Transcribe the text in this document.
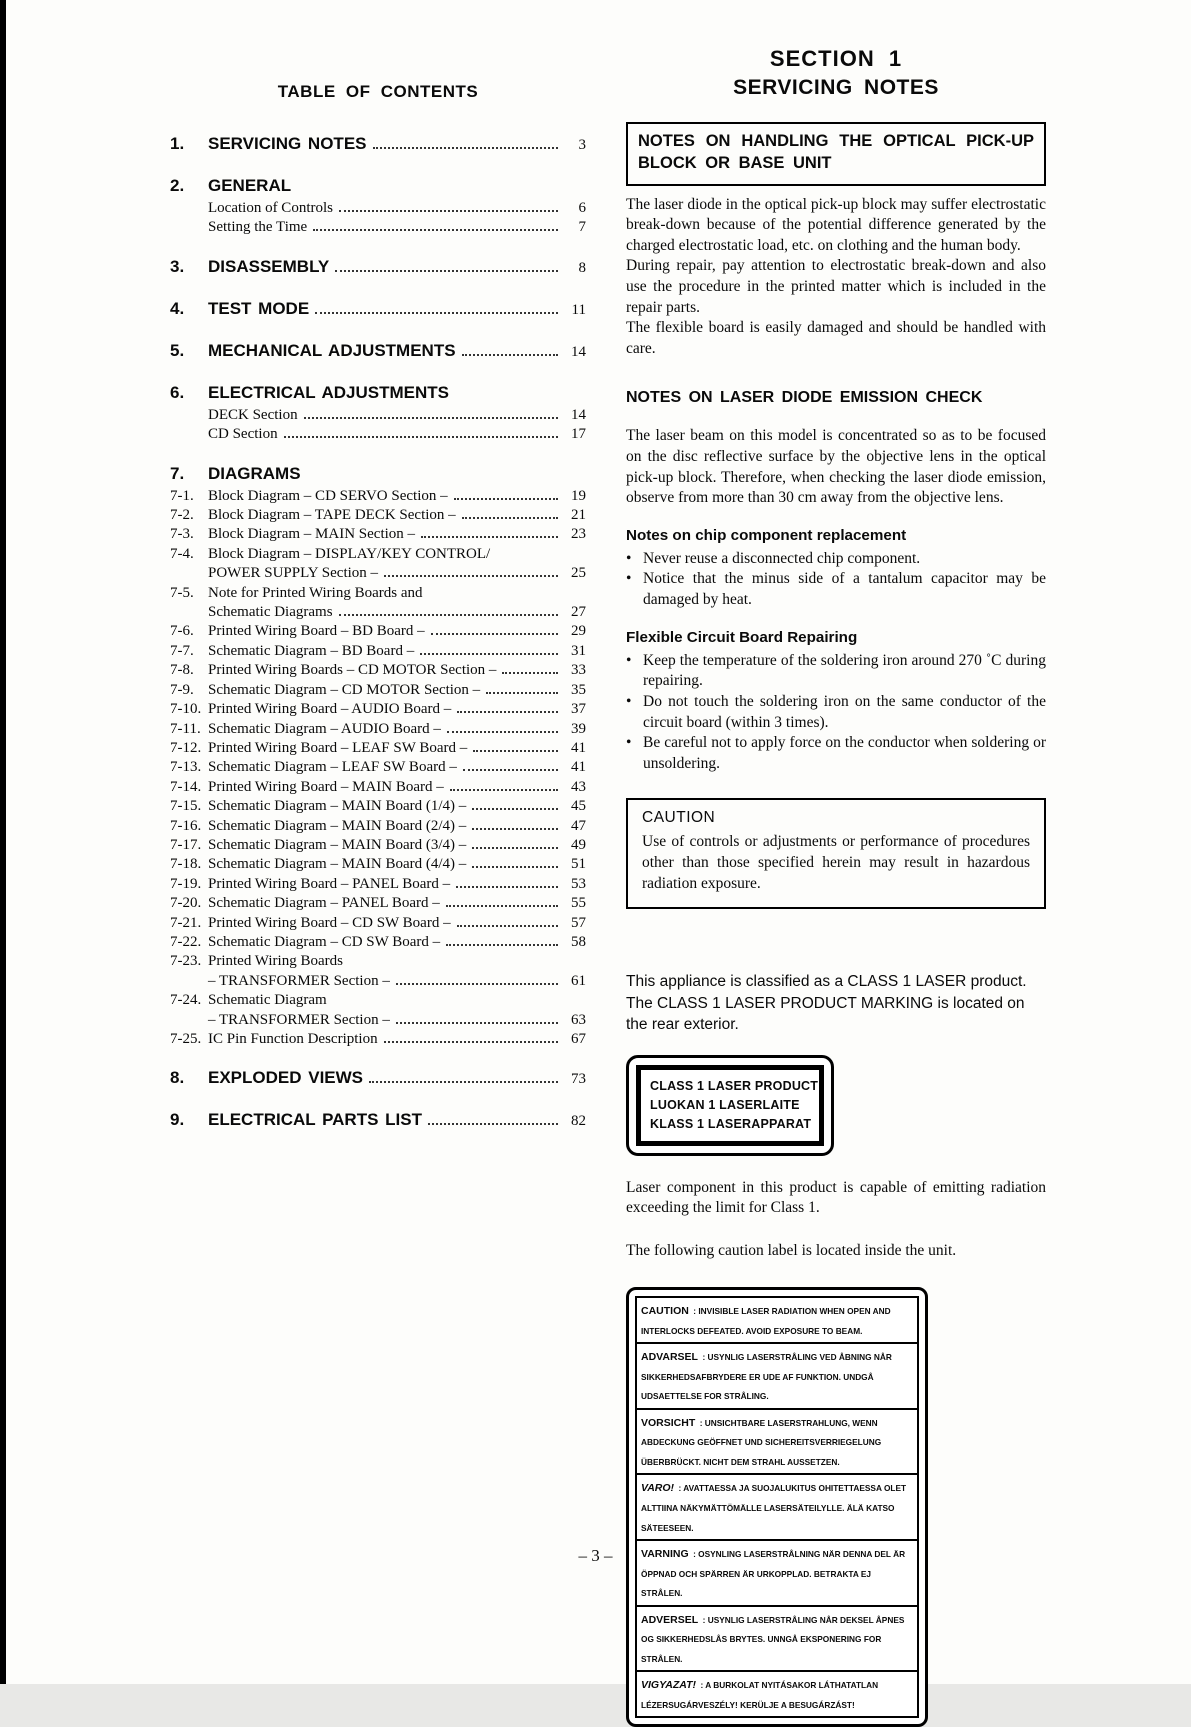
TABLE OF CONTENTS
1.	SERVICING NOTES	3
2.	GENERAL
Location of Controls	6
Setting the Time	7
3.	DISASSEMBLY	8
4.	TEST MODE	11
5.	MECHANICAL ADJUSTMENTS	14
6.	ELECTRICAL ADJUSTMENTS
DECK Section	14
CD Section	17
7.	DIAGRAMS
7-1. Block Diagram – CD SERVO Section –	19
7-2. Block Diagram – TAPE DECK Section –	21
7-3. Block Diagram – MAIN Section –	23
7-4. Block Diagram – DISPLAY/KEY CONTROL/
POWER SUPPLY Section –	25
7-5. Note for Printed Wiring Boards and
Schematic Diagrams	27
7-6. Printed Wiring Board – BD Board –	29
7-7. Schematic Diagram – BD Board –	31
7-8. Printed Wiring Boards – CD MOTOR Section –	33
7-9. Schematic Diagram – CD MOTOR Section –	35
7-10. Printed Wiring Board – AUDIO Board –	37
7-11. Schematic Diagram – AUDIO Board –	39
7-12. Printed Wiring Board – LEAF SW Board –	41
7-13. Schematic Diagram – LEAF SW Board –	41
7-14. Printed Wiring Board – MAIN Board –	43
7-15. Schematic Diagram – MAIN Board (1/4) –	45
7-16. Schematic Diagram – MAIN Board (2/4) –	47
7-17. Schematic Diagram – MAIN Board (3/4) –	49
7-18. Schematic Diagram – MAIN Board (4/4) –	51
7-19. Printed Wiring Board – PANEL Board –	53
7-20. Schematic Diagram – PANEL Board –	55
7-21. Printed Wiring Board – CD SW Board –	57
7-22. Schematic Diagram – CD SW Board –	58
7-23. Printed Wiring Boards
– TRANSFORMER Section –	61
7-24. Schematic Diagram
– TRANSFORMER Section –	63
7-25. IC Pin Function Description	67
8.	EXPLODED VIEWS	73
9.	ELECTRICAL PARTS LIST	82
SECTION 1
SERVICING NOTES
NOTES ON HANDLING THE OPTICAL PICK-UP BLOCK OR BASE UNIT

The laser diode in the optical pick-up block may suffer electrostatic break-down because of the potential difference generated by the charged electrostatic load, etc. on clothing and the human body.

During repair, pay attention to electrostatic break-down and also use the procedure in the printed matter which is included in the repair parts.

The flexible board is easily damaged and should be handled with care.

NOTES ON LASER DIODE EMISSION CHECK

The laser beam on this model is concentrated so as to be focused on the disc reflective surface by the objective lens in the optical pick-up block. Therefore, when checking the laser diode emission, observe from more than 30 cm away from the objective lens.

Notes on chip component replacement
• Never reuse a disconnected chip component.
• Notice that the minus side of a tantalum capacitor may be damaged by heat.
Flexible Circuit Board Repairing
• Keep the temperature of the soldering iron around 270 ˚C during repairing.
• Do not touch the soldering iron on the same conductor of the circuit board (within 3 times).
• Be careful not to apply force on the conductor when soldering or unsoldering.
CAUTION

Use of controls or adjustments or performance of procedures other than those specified herein may result in hazardous radiation exposure.

This appliance is classified as a CLASS 1 LASER product. The CLASS 1 LASER PRODUCT MARKING is located on the rear exterior.

CLASS 1 LASER PRODUCT
LUOKAN 1 LASERLAITE
KLASS 1 LASERAPPARAT

Laser component in this product is capable of emitting radiation exceeding the limit for Class 1.

The following caution label is located inside the unit.

CAUTION : INVISIBLE LASER RADIATION WHEN OPEN AND INTERLOCKS DEFEATED. AVOID EXPOSURE TO BEAM.
ADVARSEL : USYNLIG LASERSTRÅLING VED ÅBNING NÅR SIKKERHEDSAFBRYDERE ER UDE AF FUNKTION. UNDGÅ UDSAETTELSE FOR STRÅLING.
VORSICHT : UNSICHTBARE LASERSTRAHLUNG, WENN ABDECKUNG GEÖFFNET UND SICHEREITSVERRIEGELUNG ÜBERBRÜCKT. NICHT DEM STRAHL AUSSETZEN.
VARO! : AVATTAESSA JA SUOJALUKITUS OHITETTAESSA OLET ALTTIINA NÄKYMÄTTÖMÄLLE LASERSÄTEILYLLE. ÄLÄ KATSO SÄTEESEEN.
VARNING : OSYNLING LASERSTRÅLNING NÄR DENNA DEL ÄR ÖPPNAD OCH SPÄRREN ÄR URKOPPLAD. BETRAKTA EJ STRÅLEN.
ADVERSEL : USYNLIG LASERSTRÅLING NÅR DEKSEL ÅPNES OG SIKKERHEDSLÅS BRYTES. UNNGÅ EKSPONERING FOR STRÅLEN.
VIGYAZAT! : A BURKOLAT NYITÁSAKOR LÁTHATATLAN LÉZERSUGÁRVESZÉLY! KERÜLJE A BESUGÁRZÁST!
– 3 –
